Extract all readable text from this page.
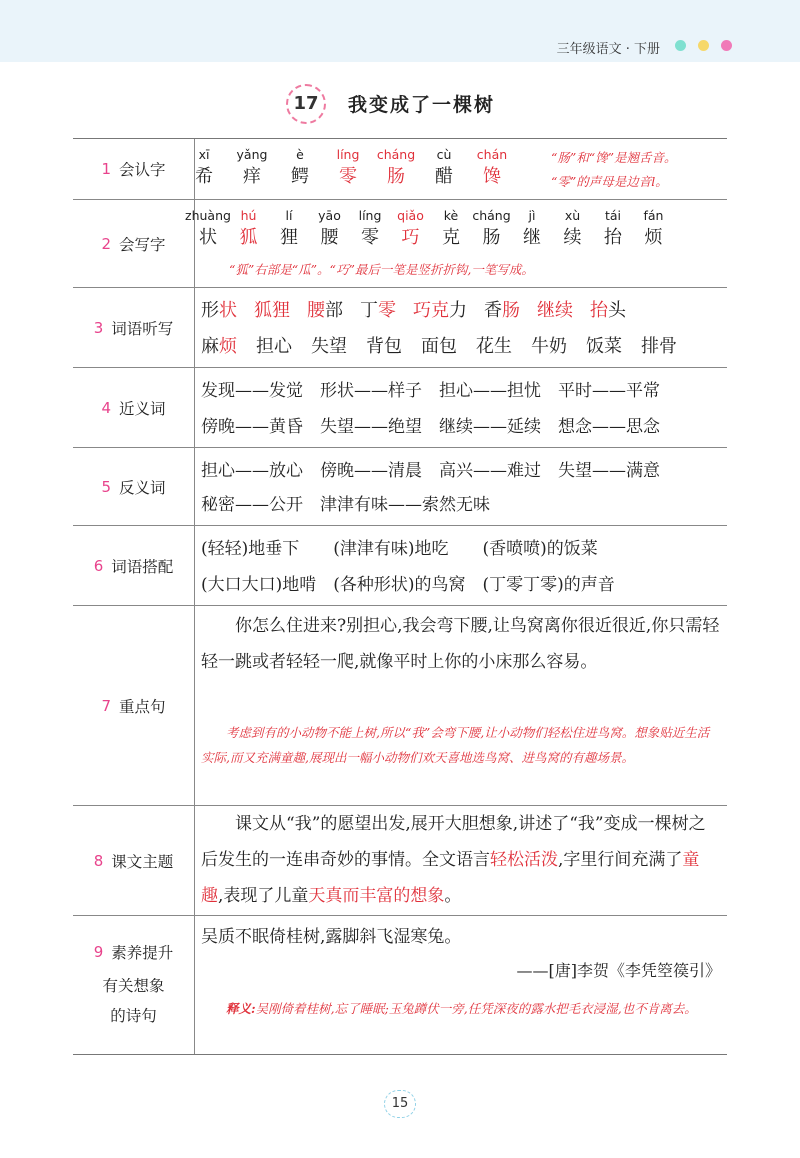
三年级语文 · 下册
17	我变成了一棵树
1 会认字
xī
希
yǎng
痒
è
鳄
líng
零
cháng
肠
cù
醋
chán
馋
“肠”和“馋”是翘舌音。
“零”的声母是边音l。
2 会写字
zhuàng
状
hú
狐
lí
狸
yāo
腰
líng
零
qiǎo
巧
kè
克
cháng
肠
jì
继
xù
续
tái
抬
fán
烦
“狐”右部是“瓜”。“巧”最后一笔是竖折折钩,一笔写成。
3 词语听写
形状 狐狸 腰部 丁零 巧克力 香肠 继续 抬头
麻烦 担心 失望 背包 面包 花生 牛奶 饭菜 排骨
4 近义词
发现——发觉　形状——样子　担心——担忧　平时——平常
傍晚——黄昏　失望——绝望　继续——延续　想念——思念
5 反义词
担心——放心　傍晚——清晨　高兴——难过　失望——满意
秘密——公开　津津有味——索然无味
6 词语搭配
(轻轻)地垂下　　(津津有味)地吃　　(香喷喷)的饭菜
(大口大口)地啃　(各种形状)的鸟窝　(丁零丁零)的声音
7 重点句
你怎么住进来?别担心,我会弯下腰,让鸟窝离你很近很近,你只需轻轻一跳或者轻轻一爬,就像平时上你的小床那么容易。
考虑到有的小动物不能上树,所以“我”会弯下腰,让小动物们轻松住进鸟窝。想象贴近生活实际,而又充满童趣,展现出一幅小动物们欢天喜地选鸟窝、进鸟窝的有趣场景。
8 课文主题
课文从“我”的愿望出发,展开大胆想象,讲述了“我”变成一棵树之后发生的一连串奇妙的事情。全文语言轻松活泼,字里行间充满了童趣,表现了儿童天真而丰富的想象。
9 素养提升
有关想象
的诗句
吴质不眠倚桂树,露脚斜飞湿寒兔。
——[唐]李贺《李凭箜篌引》
释义:吴刚倚着桂树,忘了睡眠;玉兔蹲伏一旁,任凭深夜的露水把毛衣浸湿,也不肯离去。
15
